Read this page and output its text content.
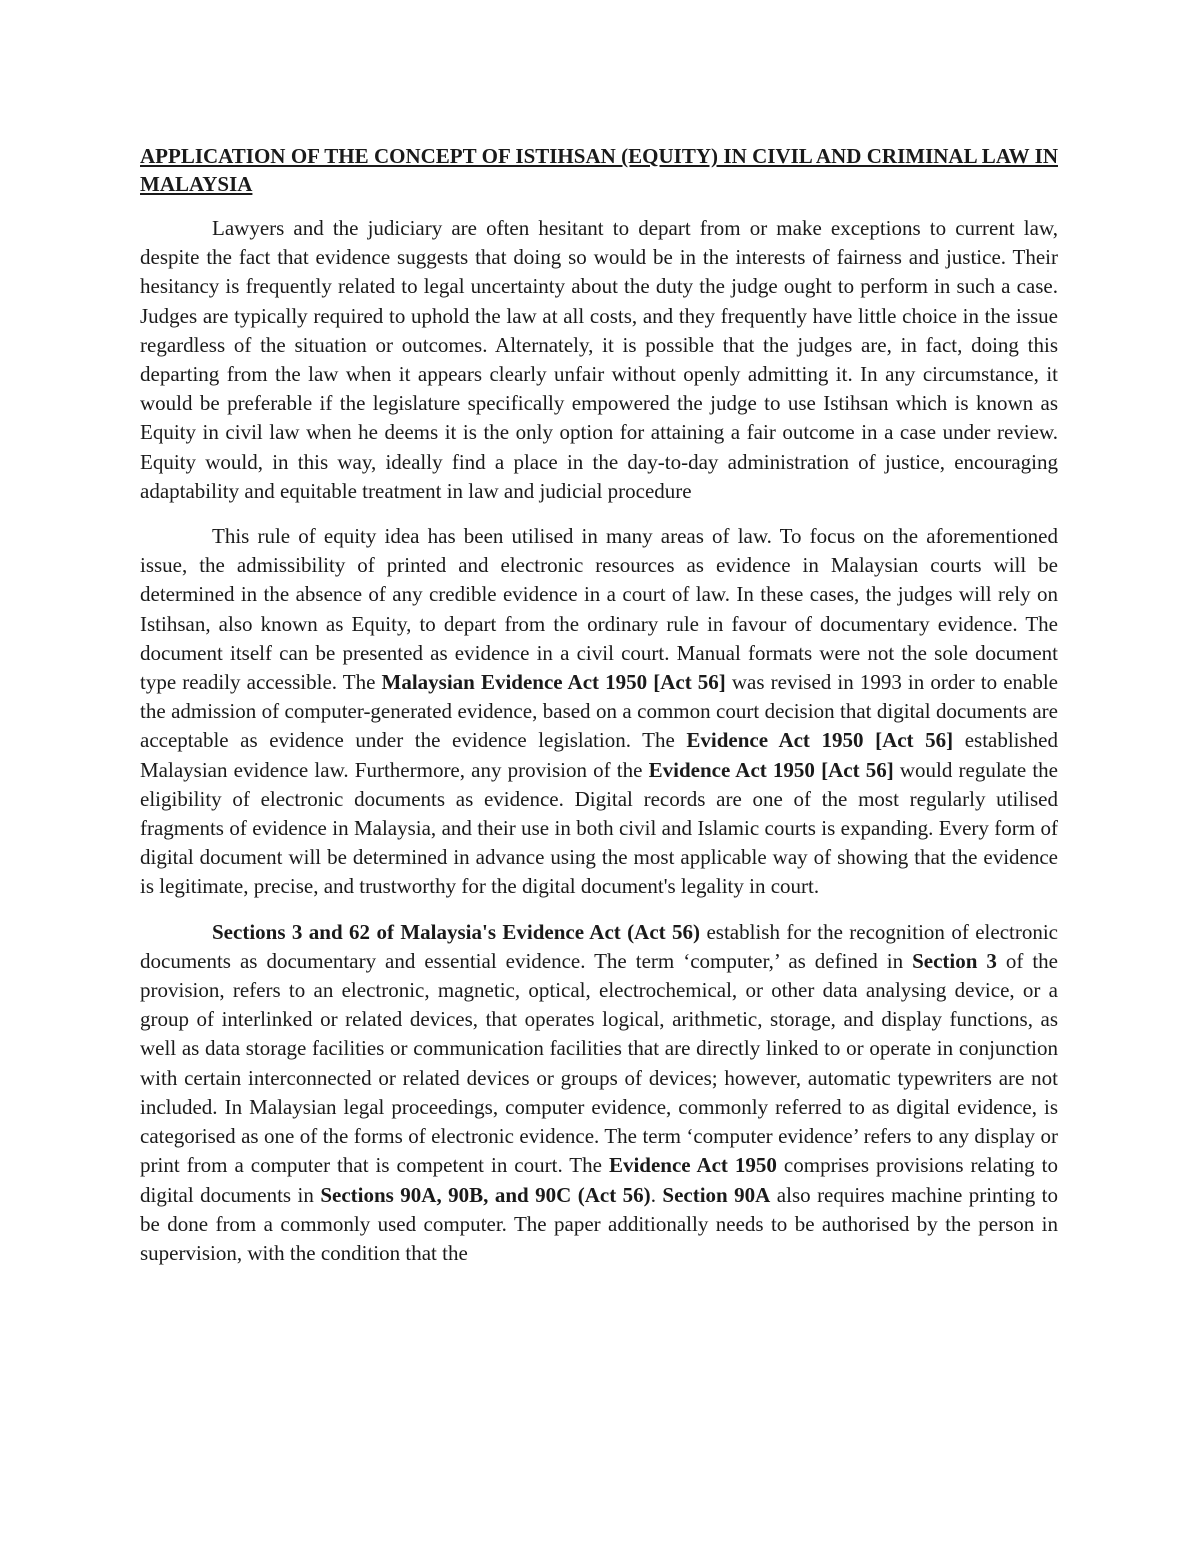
APPLICATION OF THE CONCEPT OF ISTIHSAN (EQUITY) IN CIVIL AND CRIMINAL LAW IN MALAYSIA

Lawyers and the judiciary are often hesitant to depart from or make exceptions to current law, despite the fact that evidence suggests that doing so would be in the interests of fairness and justice. Their hesitancy is frequently related to legal uncertainty about the duty the judge ought to perform in such a case. Judges are typically required to uphold the law at all costs, and they frequently have little choice in the issue regardless of the situation or outcomes. Alternately, it is possible that the judges are, in fact, doing this departing from the law when it appears clearly unfair without openly admitting it. In any circumstance, it would be preferable if the legislature specifically empowered the judge to use Istihsan which is known as Equity in civil law when he deems it is the only option for attaining a fair outcome in a case under review. Equity would, in this way, ideally find a place in the day-to-day administration of justice, encouraging adaptability and equitable treatment in law and judicial procedure

This rule of equity idea has been utilised in many areas of law. To focus on the aforementioned issue, the admissibility of printed and electronic resources as evidence in Malaysian courts will be determined in the absence of any credible evidence in a court of law. In these cases, the judges will rely on Istihsan, also known as Equity, to depart from the ordinary rule in favour of documentary evidence. The document itself can be presented as evidence in a civil court. Manual formats were not the sole document type readily accessible. The Malaysian Evidence Act 1950 [Act 56] was revised in 1993 in order to enable the admission of computer-generated evidence, based on a common court decision that digital documents are acceptable as evidence under the evidence legislation. The Evidence Act 1950 [Act 56] established Malaysian evidence law. Furthermore, any provision of the Evidence Act 1950 [Act 56] would regulate the eligibility of electronic documents as evidence. Digital records are one of the most regularly utilised fragments of evidence in Malaysia, and their use in both civil and Islamic courts is expanding. Every form of digital document will be determined in advance using the most applicable way of showing that the evidence is legitimate, precise, and trustworthy for the digital document's legality in court.

Sections 3 and 62 of Malaysia's Evidence Act (Act 56) establish for the recognition of electronic documents as documentary and essential evidence. The term ‘computer,’ as defined in Section 3 of the provision, refers to an electronic, magnetic, optical, electrochemical, or other data analysing device, or a group of interlinked or related devices, that operates logical, arithmetic, storage, and display functions, as well as data storage facilities or communication facilities that are directly linked to or operate in conjunction with certain interconnected or related devices or groups of devices; however, automatic typewriters are not included. In Malaysian legal proceedings, computer evidence, commonly referred to as digital evidence, is categorised as one of the forms of electronic evidence. The term ‘computer evidence’ refers to any display or print from a computer that is competent in court. The Evidence Act 1950 comprises provisions relating to digital documents in Sections 90A, 90B, and 90C (Act 56). Section 90A also requires machine printing to be done from a commonly used computer. The paper additionally needs to be authorised by the person in supervision, with the condition that the
